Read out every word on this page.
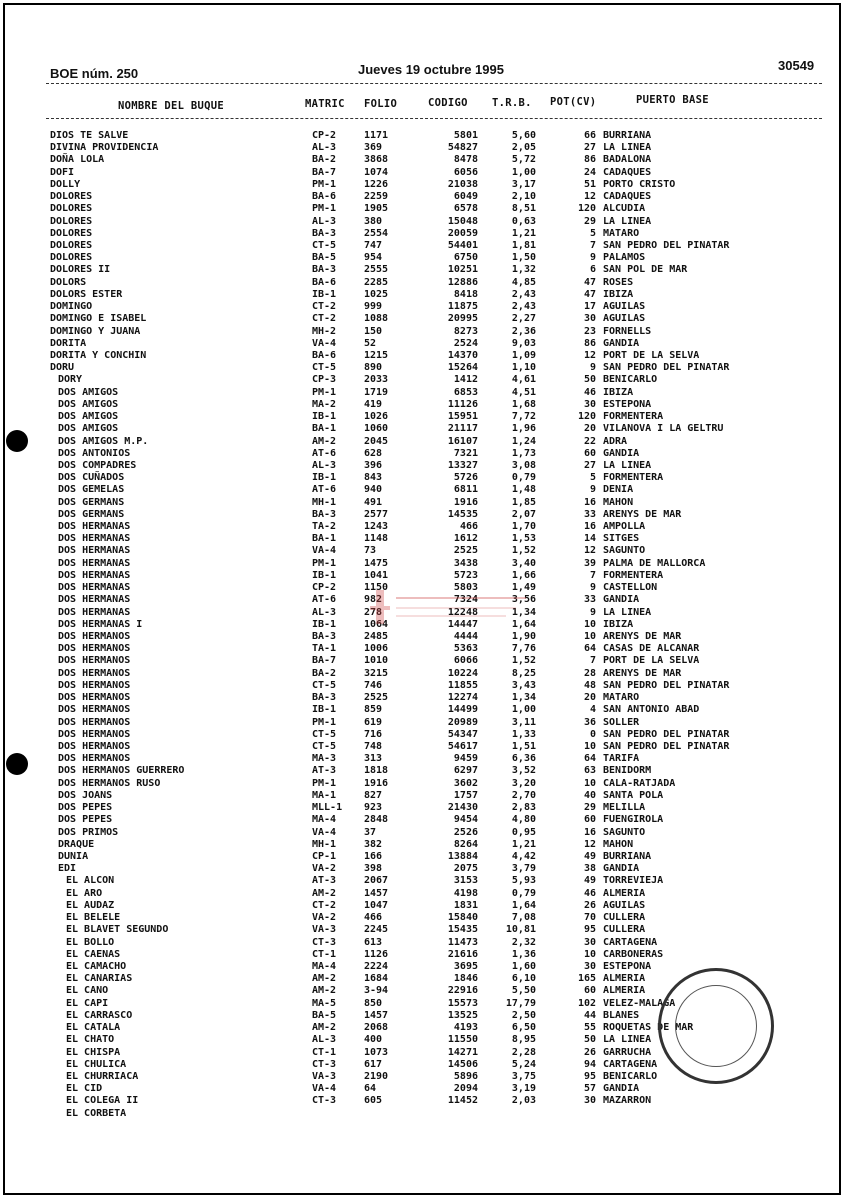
BOE núm. 250	Jueves 19 octubre 1995	30549
NOMBRE DEL BUQUE	MATRIC FOLIO	CODIGO T.R.B. POT(CV)	PUERTO BASE
DIOS TE SALVE	CP-2	1171	5801	5,60	66 BURRIANA
DIVINA PROVIDENCIA	AL-3	369	54827	2,05	27 LA LINEA
DOÑA LOLA	BA-2	3868	8478	5,72	86 BADALONA
DOFI	BA-7	1074	6056	1,00	24 CADAQUES
DOLLY	PM-1	1226	21038	3,17	51 PORTO CRISTO
DOLORES	BA-6	2259	6049	2,10	12 CADAQUES
DOLORES	PM-1	1905	6578	8,51	120 ALCUDIA
DOLORES	AL-3	380	15048	0,63	29 LA LINEA
DOLORES	BA-3	2554	20059	1,21	5 MATARO
DOLORES	CT-5	747	54401	1,81	7 SAN PEDRO DEL PINATAR
DOLORES	BA-5	954	6750	1,50	9 PALAMOS
DOLORES II	BA-3	2555	10251	1,32	6 SAN POL DE MAR
DOLORS	BA-6	2285	12886	4,85	47 ROSES
DOLORS ESTER	IB-1	1025	8418	2,43	47 IBIZA
DOMINGO	CT-2	999	11875	2,43	17 AGUILAS
DOMINGO E ISABEL	CT-2	1088	20995	2,27	30 AGUILAS
DOMINGO Y JUANA	MH-2	150	8273	2,36	23 FORNELLS
DORITA	VA-4	52	2524	9,03	86 GANDIA
DORITA Y CONCHIN	BA-6	1215	14370	1,09	12 PORT DE LA SELVA
DORU	CT-5	890	15264	1,10	9 SAN PEDRO DEL PINATAR
DORY	CP-3	2033	1412	4,61	50 BENICARLO
DOS AMIGOS	PM-1	1719	6853	4,51	46 IBIZA
DOS AMIGOS	MA-2	419	11126	1,68	30 ESTEPONA
DOS AMIGOS	IB-1	1026	15951	7,72	120 FORMENTERA
DOS AMIGOS	BA-1	1060	21117	1,96	20 VILANOVA I LA GELTRU
DOS AMIGOS M.P.	AM-2	2045	16107	1,24	22 ADRA
DOS ANTONIOS	AT-6	628	7321	1,73	60 GANDIA
DOS COMPADRES	AL-3	396	13327	3,08	27 LA LINEA
DOS CUÑADOS	IB-1	843	5726	0,79	5 FORMENTERA
DOS GEMELAS	AT-6	940	6811	1,48	9 DENIA
DOS GERMANS	MH-1	491	1916	1,85	16 MAHON
DOS GERMANS	BA-3	2577	14535	2,07	33 ARENYS DE MAR
DOS HERMANAS	TA-2	1243	466	1,70	16 AMPOLLA
DOS HERMANAS	BA-1	1148	1612	1,53	14 SITGES
DOS HERMANAS	VA-4	73	2525	1,52	12 SAGUNTO
DOS HERMANAS	PM-1	1475	3438	3,40	39 PALMA DE MALLORCA
DOS HERMANAS	IB-1	1041	5723	1,66	7 FORMENTERA
DOS HERMANAS	CP-2	1150	5803	1,49	9 CASTELLON
DOS HERMANAS	AT-6	982	7324	3,56	33 GANDIA
DOS HERMANAS	AL-3	278	12248	1,34	9 LA LINEA
DOS HERMANAS I	IB-1	1064	14447	1,64	10 IBIZA
DOS HERMANOS	BA-3	2485	4444	1,90	10 ARENYS DE MAR
DOS HERMANOS	TA-1	1006	5363	7,76	64 CASAS DE ALCANAR
DOS HERMANOS	BA-7	1010	6066	1,52	7 PORT DE LA SELVA
DOS HERMANOS	BA-2	3215	10224	8,25	28 ARENYS DE MAR
DOS HERMANOS	CT-5	746	11855	3,43	48 SAN PEDRO DEL PINATAR
DOS HERMANOS	BA-3	2525	12274	1,34	20 MATARO
DOS HERMANOS	IB-1	859	14499	1,00	4 SAN ANTONIO ABAD
DOS HERMANOS	PM-1	619	20989	3,11	36 SOLLER
DOS HERMANOS	CT-5	716	54347	1,33	0 SAN PEDRO DEL PINATAR
DOS HERMANOS	CT-5	748	54617	1,51	10 SAN PEDRO DEL PINATAR
DOS HERMANOS	MA-3	313	9459	6,36	64 TARIFA
DOS HERMANOS GUERRERO	AT-3	1818	6297	3,52	63 BENIDORM
DOS HERMANOS RUSO	PM-1	1916	3602	3,20	10 CALA-RATJADA
DOS JOANS	MA-1	827	1757	2,70	40 SANTA POLA
DOS PEPES	MLL-1 923	21430	2,83	29 MELILLA
DOS PEPES	MA-4	2848	9454	4,80	60 FUENGIROLA
DOS PRIMOS	VA-4	37	2526	0,95	16 SAGUNTO
DRAQUE	MH-1	382	8264	1,21	12 MAHON
DUNIA	CP-1	166	13884	4,42	49 BURRIANA
EDI	VA-2	398	2075	3,79	38 GANDIA
EL ALCON	AT-3	2067	3153	5,93	49 TORREVIEJA
EL ARO	AM-2	1457	4198	0,79	46 ALMERIA
EL AUDAZ	CT-2	1047	1831	1,64	26 AGUILAS
EL BELELE	VA-2	466	15840	7,08	70 CULLERA
EL BLAVET SEGUNDO	VA-3	2245	15435	10,81	95 CULLERA
EL BOLLO	CT-3	613	11473	2,32	30 CARTAGENA
EL CAENAS	CT-1	1126	21616	1,36	10 CARBONERAS
EL CAMACHO	MA-4	2224	3695	1,60	30 ESTEPONA
EL CANARIAS	AM-2	1684	1846	6,10	165 ALMERIA
EL CANO	AM-2	3-94	22916	5,50	60 ALMERIA
EL CAPI	MA-5	850	15573	17,79	102 VELEZ-MALAGA
EL CARRASCO	BA-5	1457	13525	2,50	44 BLANES
EL CATALA	AM-2	2068	4193	6,50	55 ROQUETAS DE MAR
EL CHATO	AL-3	400	11550	8,95	50 LA LINEA
EL CHISPA	CT-1	1073	14271	2,28	26 GARRUCHA
EL CHULICA	CT-3	617	14506	5,24	94 CARTAGENA
EL CHURRIACA	VA-3	2190	5896	3,75	95 BENICARLO
EL CID	VA-4	64	2094	3,19	57 GANDIA
EL COLEGA II	CT-3	605	11452	2,03	30 MAZARRON
EL CORBETA
